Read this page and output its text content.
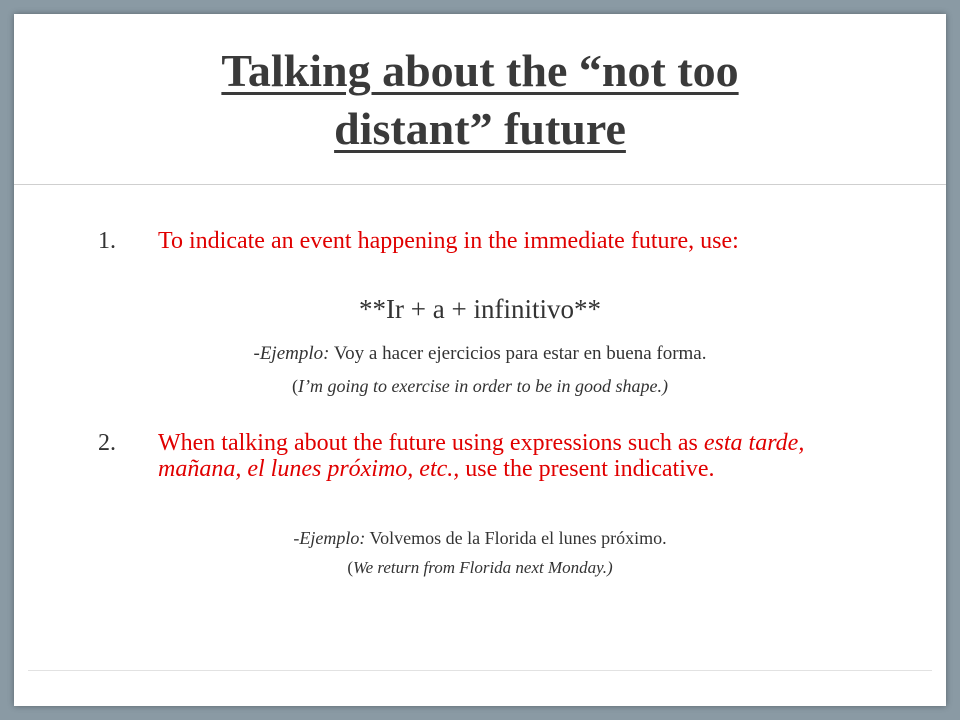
Talking about the “not too
distant” future
1. To indicate an event happening in the immediate future, use:
**Ir + a + infinitivo**
-Ejemplo: Voy a hacer ejercicios para estar en buena forma.
(I’m going to exercise in order to be in good shape.)
2. When talking about the future using expressions such as esta tarde, mañana, el lunes próximo, etc., use the present indicative.
-Ejemplo: Volvemos de la Florida el lunes próximo.
(We return from Florida next Monday.)
